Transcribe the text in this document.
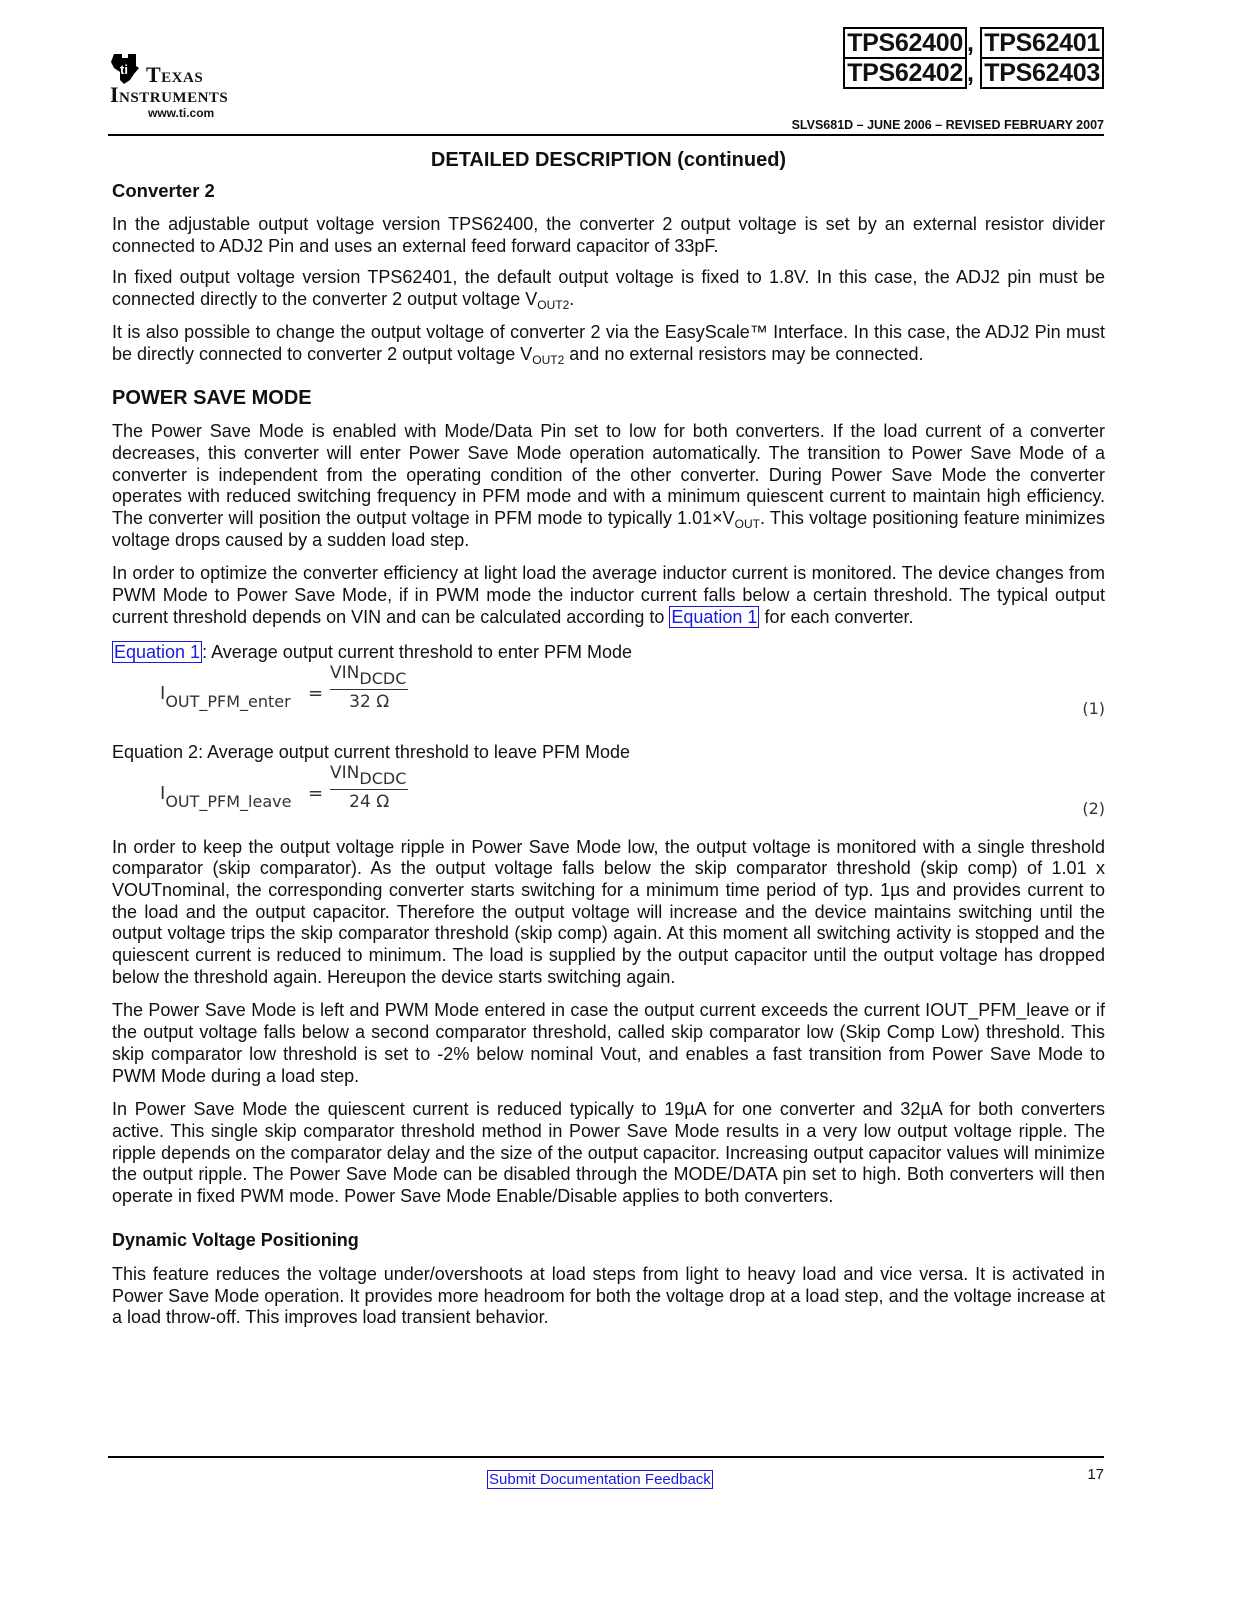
ti Texas
Instruments
www.ti.com
TPS62400 , TPS62401
TPS62402 , TPS62403
SLVS681D – JUNE 2006 – REVISED FEBRUARY 2007
DETAILED DESCRIPTION (continued)
Converter 2

In the adjustable output voltage version TPS62400, the converter 2 output voltage is set by an external resistor divider connected to ADJ2 Pin and uses an external feed forward capacitor of 33pF.

In fixed output voltage version TPS62401, the default output voltage is fixed to 1.8V. In this case, the ADJ2 pin must be connected directly to the converter 2 output voltage $V_{OUT2}$.

It is also possible to change the output voltage of converter 2 via the EasyScale™ Interface. In this case, the ADJ2 Pin must be directly connected to converter 2 output voltage $V_{OUT2}$ and no external resistors may be connected.

POWER SAVE MODE

The Power Save Mode is enabled with Mode/Data Pin set to low for both converters. If the load current of a converter decreases, this converter will enter Power Save Mode operation automatically. The transition to Power Save Mode of a converter is independent from the operating condition of the other converter. During Power Save Mode the converter operates with reduced switching frequency in PFM mode and with a minimum quiescent current to maintain high efficiency. The converter will position the output voltage in PFM mode to typically $1.01\times V_{OUT}$. This voltage positioning feature minimizes voltage drops caused by a sudden load step.

In order to optimize the converter efficiency at light load the average inductor current is monitored. The device changes from PWM Mode to Power Save Mode, if in PWM mode the inductor current falls below a certain threshold. The typical output current threshold depends on VIN and can be calculated according to Equation 1 for each converter.

Equation 1 : Average output current threshold to enter PFM Mode
IOUT_PFM_enter =
VINDCDC
32 Ω	(1)
Equation 2: Average output current threshold to leave PFM Mode
IOUT_PFM_leave =
VINDCDC
24 Ω	(2)

In order to keep the output voltage ripple in Power Save Mode low, the output voltage is monitored with a single threshold comparator (skip comparator). As the output voltage falls below the skip comparator threshold (skip comp) of 1.01 x VOUTnominal, the corresponding converter starts switching for a minimum time period of typ. 1µs and provides current to the load and the output capacitor. Therefore the output voltage will increase and the device maintains switching until the output voltage trips the skip comparator threshold (skip comp) again. At this moment all switching activity is stopped and the quiescent current is reduced to minimum. The load is supplied by the output capacitor until the output voltage has dropped below the threshold again. Hereupon the device starts switching again.

The Power Save Mode is left and PWM Mode entered in case the output current exceeds the current IOUT_PFM_leave or if the output voltage falls below a second comparator threshold, called skip comparator low (Skip Comp Low) threshold. This skip comparator low threshold is set to -2% below nominal Vout, and enables a fast transition from Power Save Mode to PWM Mode during a load step.

In Power Save Mode the quiescent current is reduced typically to 19µA for one converter and 32µA for both converters active. This single skip comparator threshold method in Power Save Mode results in a very low output voltage ripple. The ripple depends on the comparator delay and the size of the output capacitor. Increasing output capacitor values will minimize the output ripple. The Power Save Mode can be disabled through the MODE/DATA pin set to high. Both converters will then operate in fixed PWM mode. Power Save Mode Enable/Disable applies to both converters.

Dynamic Voltage Positioning

This feature reduces the voltage under/overshoots at load steps from light to heavy load and vice versa. It is activated in Power Save Mode operation. It provides more headroom for both the voltage drop at a load step, and the voltage increase at a load throw-off. This improves load transient behavior.

Submit Documentation Feedback	17
